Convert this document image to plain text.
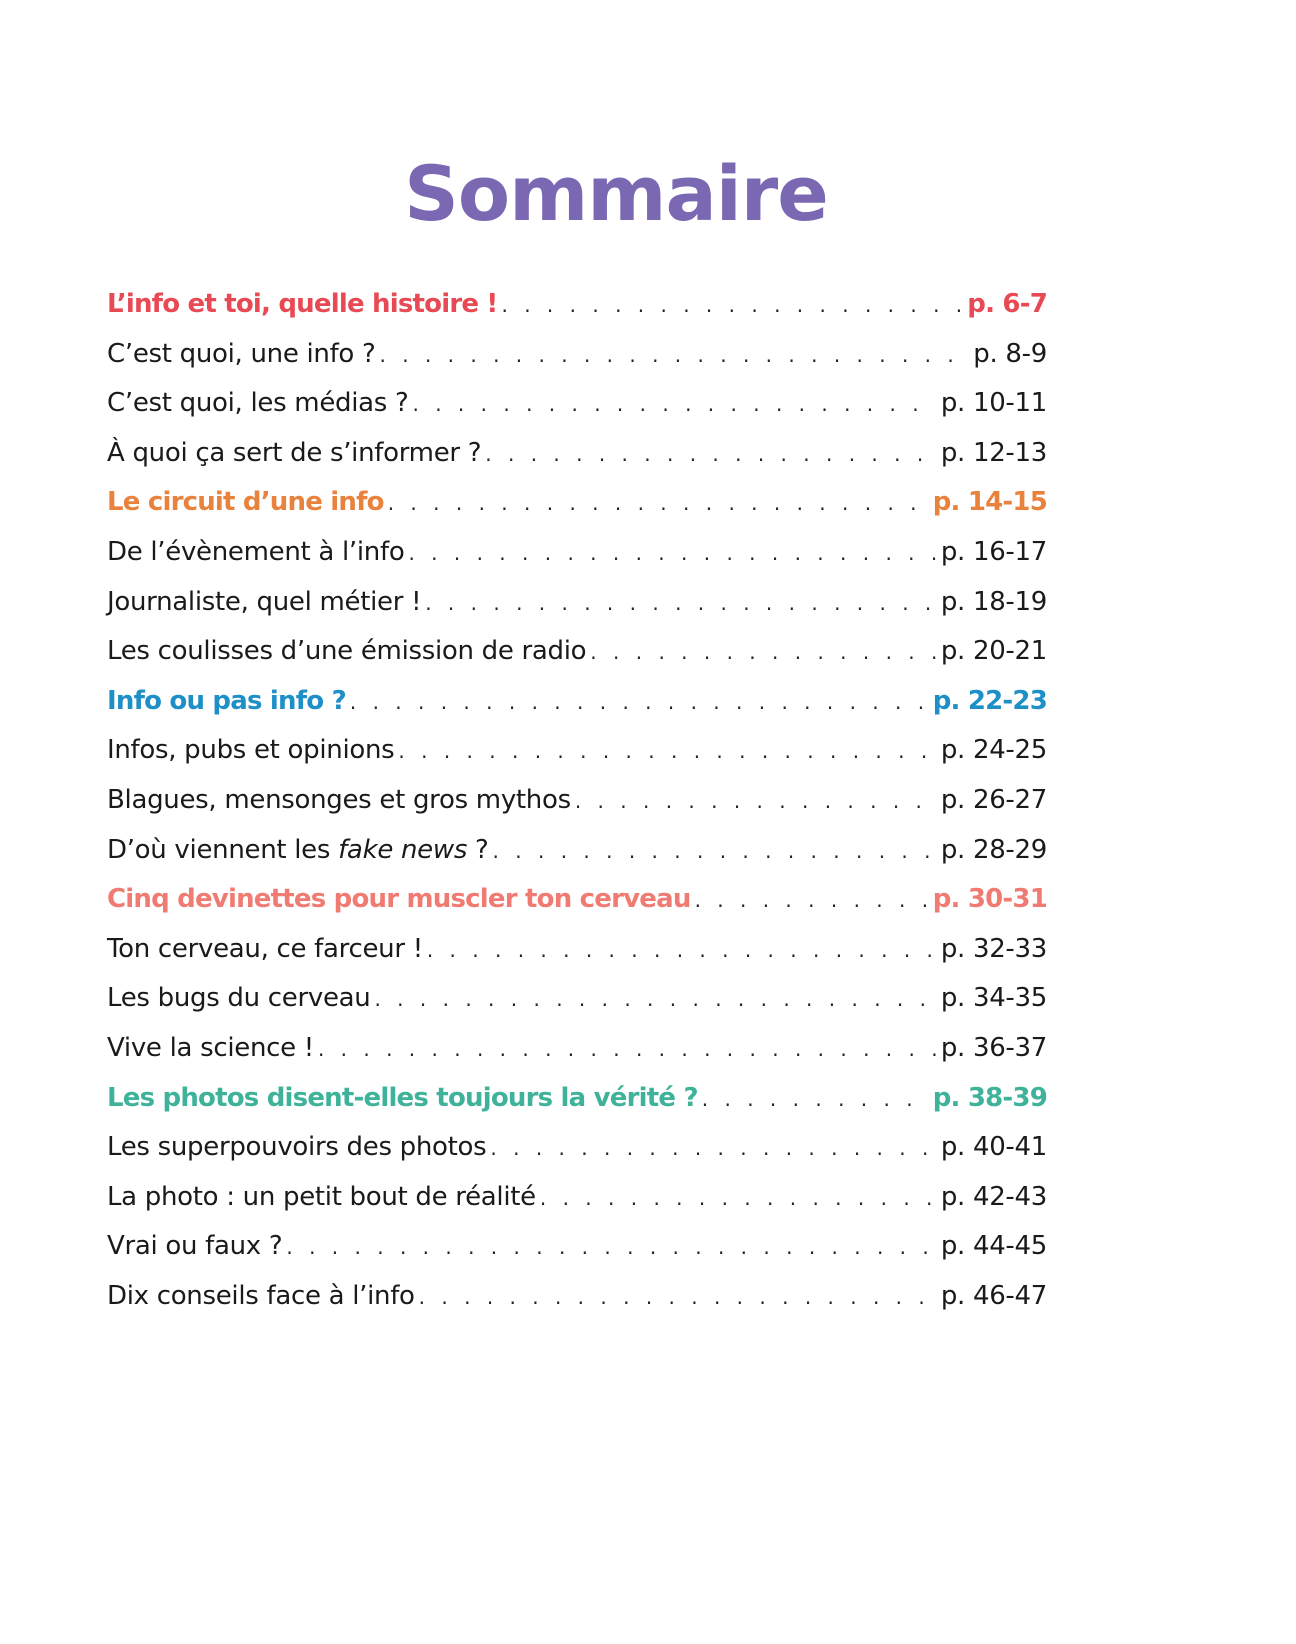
Sommaire
L’info et toi, quelle histoire ! . . .	p. 6-7
C’est quoi, une info ? . . .	p. 8-9
C’est quoi, les médias ? . . .	p. 10-11
À quoi ça sert de s’informer ? . . .	p. 12-13
Le circuit d’une info . . .	p. 14-15
De l’évènement à l’info . . .	p. 16-17
Journaliste, quel métier ! . . .	p. 18-19
Les coulisses d’une émission de radio . . .	p. 20-21
Info ou pas info ? . . .	p. 22-23
Infos, pubs et opinions . . .	p. 24-25
Blagues, mensonges et gros mythos . . .	p. 26-27
D’où viennent les fake news ? . . .	p. 28-29
Cinq devinettes pour muscler ton cerveau . . .	p. 30-31
Ton cerveau, ce farceur ! . . .	p. 32-33
Les bugs du cerveau . . .	p. 34-35
Vive la science ! . . .	p. 36-37
Les photos disent-elles toujours la vérité ? . . .	p. 38-39
Les superpouvoirs des photos . . .	p. 40-41
La photo : un petit bout de réalité . . .	p. 42-43
Vrai ou faux ? . . .	p. 44-45
Dix conseils face à l’info . . .	p. 46-47
